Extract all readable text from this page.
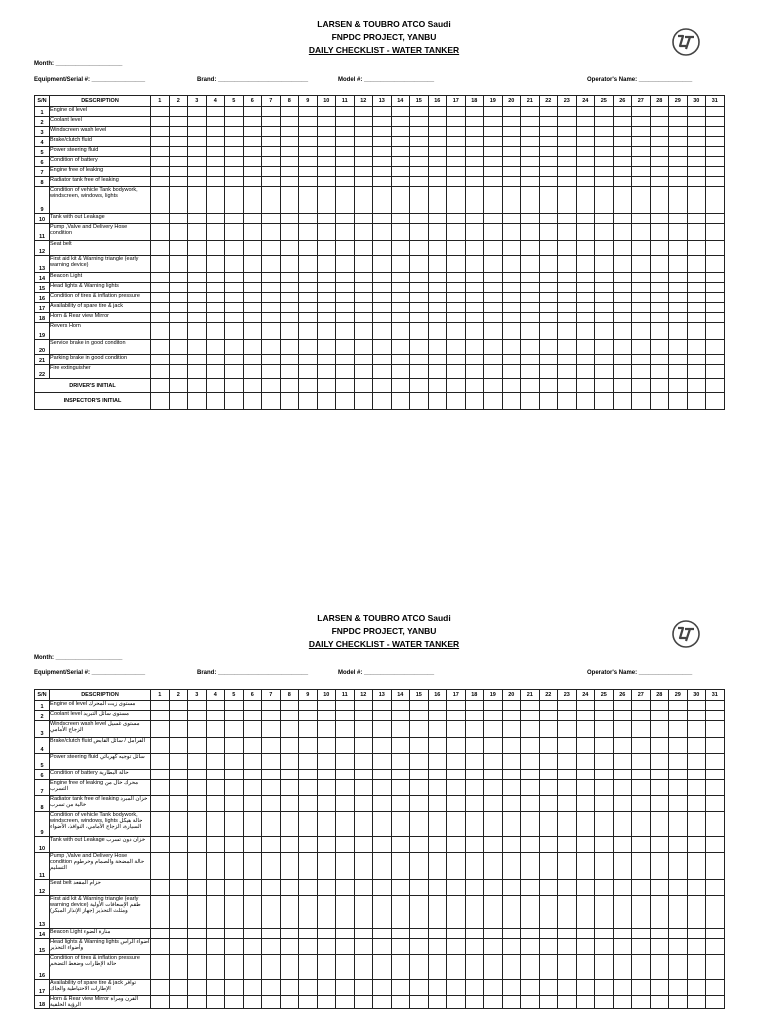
LARSEN & TOUBRO ATCO Saudi
FNPDC PROJECT, YANBU
DAILY CHECKLIST - WATER TANKER
Month: ____________________
Equipment/Serial #: ________________	Brand: ___________________________	Model #: _____________________	Operator's Name: ________________
S/N	DESCRIPTION	1	2	3	4	5	6	7	8	9	10	11	12	13	14	15	16	17	18	19	20	21	22	23	24	25	26	27	28	29	30	31
1	Engine oil level																															
2	Coolant level																															
3	Windscreen wash level																															
4	Brake/clutch fluid																															
5	Power steering fluid																															
6	Condition of battery																															
7	Engine free of leaking																															
8	Radiator tank free of leaking																															
9	Condition of vehicle Tank bodywork, windscreen, windows, lights																															
10	Tank with out Leakage																															
11	Pump ,Valve and Delivery Hose condition																															
12	Seat belt																															
13	First aid kit & Warning triangle (early warning device)																															
14	Beacon Light																															
15	Head lights & Warning lights																															
16	Condition of tires & inflation pressure																															
17	Availability of spare tire & jack																															
18	Horn & Rear view Mirror																															
19	Revers Horn																															
20	Service brake in good conditon																															
21	Parking brake in good condition																															
22	Fire extinguisher																															
DRIVER'S INITIAL																																
INSPECTOR'S INITIAL																																
LARSEN & TOUBRO ATCO Saudi
FNPDC PROJECT, YANBU
DAILY CHECKLIST - WATER TANKER
Month: ____________________
Equipment/Serial #: ________________	Brand: ___________________________	Model #: _____________________	Operator's Name: ________________
S/N	DESCRIPTION	1	2	3	4	5	6	7	8	9	10	11	12	13	14	15	16	17	18	19	20	21	22	23	24	25	26	27	28	29	30	31
1	Engine oil level مستوى زيت المحرك																															
2	Coolant level مستوى سائل التبريد																															
3	Windscreen wash level مستوى غسيل الزجاج الأمامي																															
4	Brake/clutch fluid الفرامل / سائل القابض																															
5	Power steering fluid سائل توجيه كهربائي																															
6	Condition of battery حالة البطارية																															
7	Engine free of leaking محرك خال من التسرب																															
8	Radiator tank free of leaking خزان المبرد خالية من تسرب																															
9	Condition of vehicle Tank bodywork, windscreen, windows, lights حالة هيكل السيارة، الزجاج الأمامي، النوافذ، الأضواء																															
10	Tank with out Leakage خزان دون تسرب																															
11	Pump ,Valve and Delivery Hose condition حالة المضخة والصمام وخرطوم التسليم																															
12	Seat belt حزام المقعد																															
13	First aid kit & Warning triangle (early warning device) طقم الإسعافات الأولية ومثلث التحذير (جهاز الإنذار المبكر)																															
14	Beacon Light منارة الضوء																															
15	Head lights & Warning lights أضواء الرأس وأضواء التحذير																															
16	Condition of tires & inflation pressure حالة الإطارات وضغط التضخم																															
17	Availability of spare tire & jack توافر الإطارات الاحتياطية والجاك																															
18	Horn & Rear view Mirror القرن ومرآة الرؤية الخلفية																															
